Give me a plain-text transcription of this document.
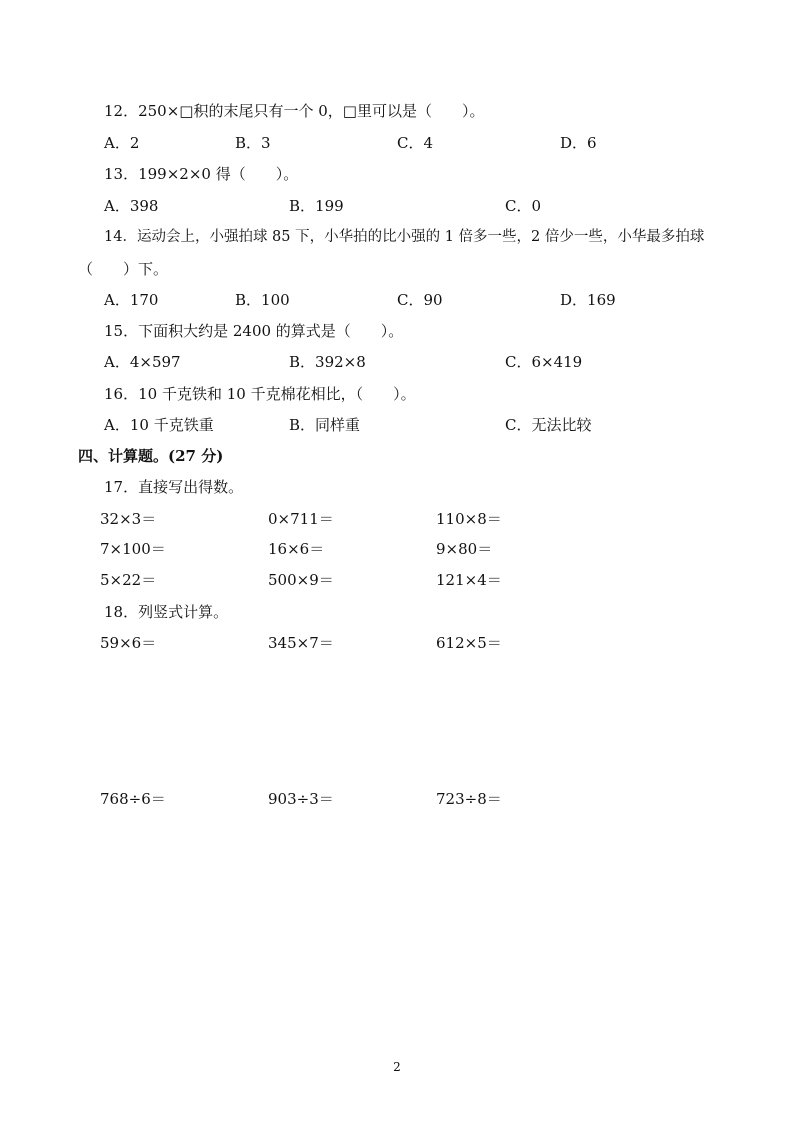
12．250×□积的末尾只有一个 0，□里可以是（　　）。
A．2	B．3	C．4	D．6
13．199×2×0 得（　　）。
A．398	B．199	C．0
14．运动会上，小强拍球 85 下，小华拍的比小强的 1 倍多一些，2 倍少一些，小华最多拍球
（　　）下。
A．170	B．100	C．90	D．169
15．下面积大约是 2400 的算式是（　　）。
A．4×597	B．392×8	C．6×419
16．10 千克铁和 10 千克棉花相比，（　　）。
A．10 千克铁重	B．同样重	C．无法比较
四、计算题。(27 分)
17．直接写出得数。
32×3＝	0×711＝	110×8＝
7×100＝	16×6＝	9×80＝
5×22＝	500×9＝	121×4＝
18．列竖式计算。
59×6＝	345×7＝	612×5＝
768÷6＝	903÷3＝	723÷8＝
2
